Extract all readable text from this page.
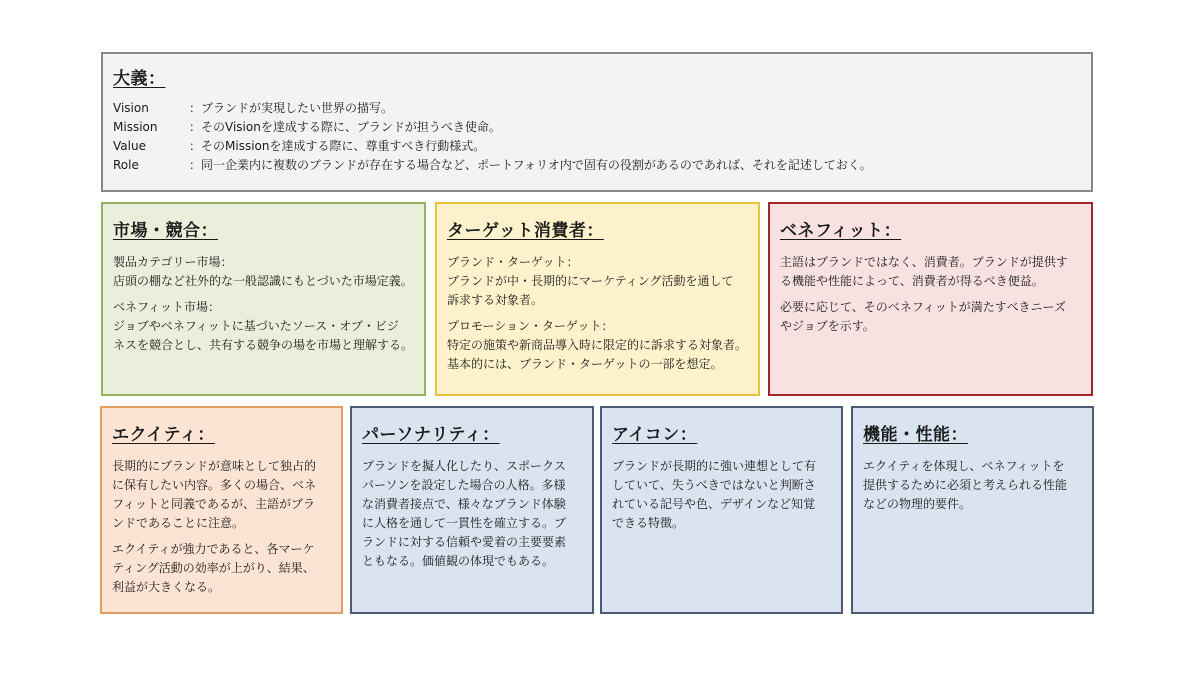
大義：
Vision	：ブランドが実現したい世界の描写。
Mission	：そのVisionを達成する際に、ブランドが担うべき使命。
Value	：そのMissionを達成する際に、尊重すべき行動様式。
Role	：同一企業内に複数のブランドが存在する場合など、ポートフォリオ内で固有の役割があるのであれば、それを記述しておく。
市場・競合：

製品カテゴリー市場：
店頭の棚など社外的な一般認識にもとづいた市場定義。

ベネフィット市場：
ジョブやベネフィットに基づいたソース・オブ・ビジ
ネスを競合とし、共有する競争の場を市場と理解する。

ターゲット消費者：

ブランド・ターゲット：
ブランドが中・長期的にマーケティング活動を通して
訴求する対象者。

プロモーション・ターゲット：
特定の施策や新商品導入時に限定的に訴求する対象者。
基本的には、ブランド・ターゲットの一部を想定。

ベネフィット：

主語はブランドではなく、消費者。ブランドが提供す
る機能や性能によって、消費者が得るべき便益。

必要に応じて、そのベネフィットが満たすべきニーズ
やジョブを示す。

エクイティ：

長期的にブランドが意味として独占的
に保有したい内容。多くの場合、ベネ
フィットと同義であるが、主語がブラ
ンドであることに注意。

エクイティが強力であると、各マーケ
ティング活動の効率が上がり、結果、
利益が大きくなる。

パーソナリティ：

ブランドを擬人化したり、スポークス
パーソンを設定した場合の人格。多様
な消費者接点で、様々なブランド体験
に人格を通して一貫性を確立する。ブ
ランドに対する信頼や愛着の主要要素
ともなる。価値観の体現でもある。

アイコン：

ブランドが長期的に強い連想として有
していて、失うべきではないと判断さ
れている記号や色、デザインなど知覚
できる特徴。

機能・性能：

エクイティを体現し、ベネフィットを
提供するために必須と考えられる性能
などの物理的要件。
